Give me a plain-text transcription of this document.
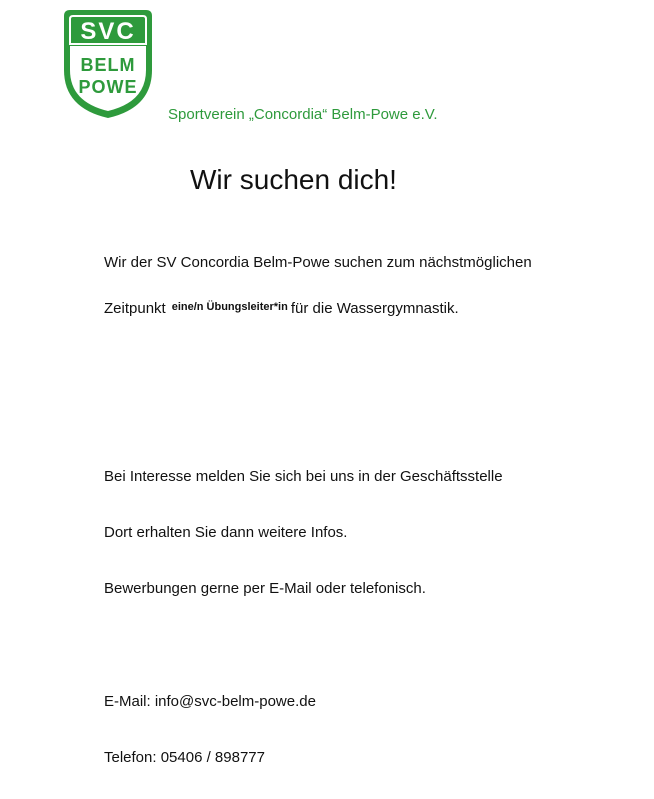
SVC
BELM
POWE
Sportverein „Concordia“ Belm-Powe e.V.
Wir suchen dich!
Wir der SV Concordia Belm-Powe suchen zum nächstmöglichen
Zeitpunkt $^{eine/n Übungsleiter*in}$ für die Wassergymnastik.
Bei Interesse melden Sie sich bei uns in der Geschäftsstelle
Dort erhalten Sie dann weitere Infos.
Bewerbungen gerne per E-Mail oder telefonisch.
E-Mail: info@svc-belm-powe.de
Telefon: 05406 / 898777
